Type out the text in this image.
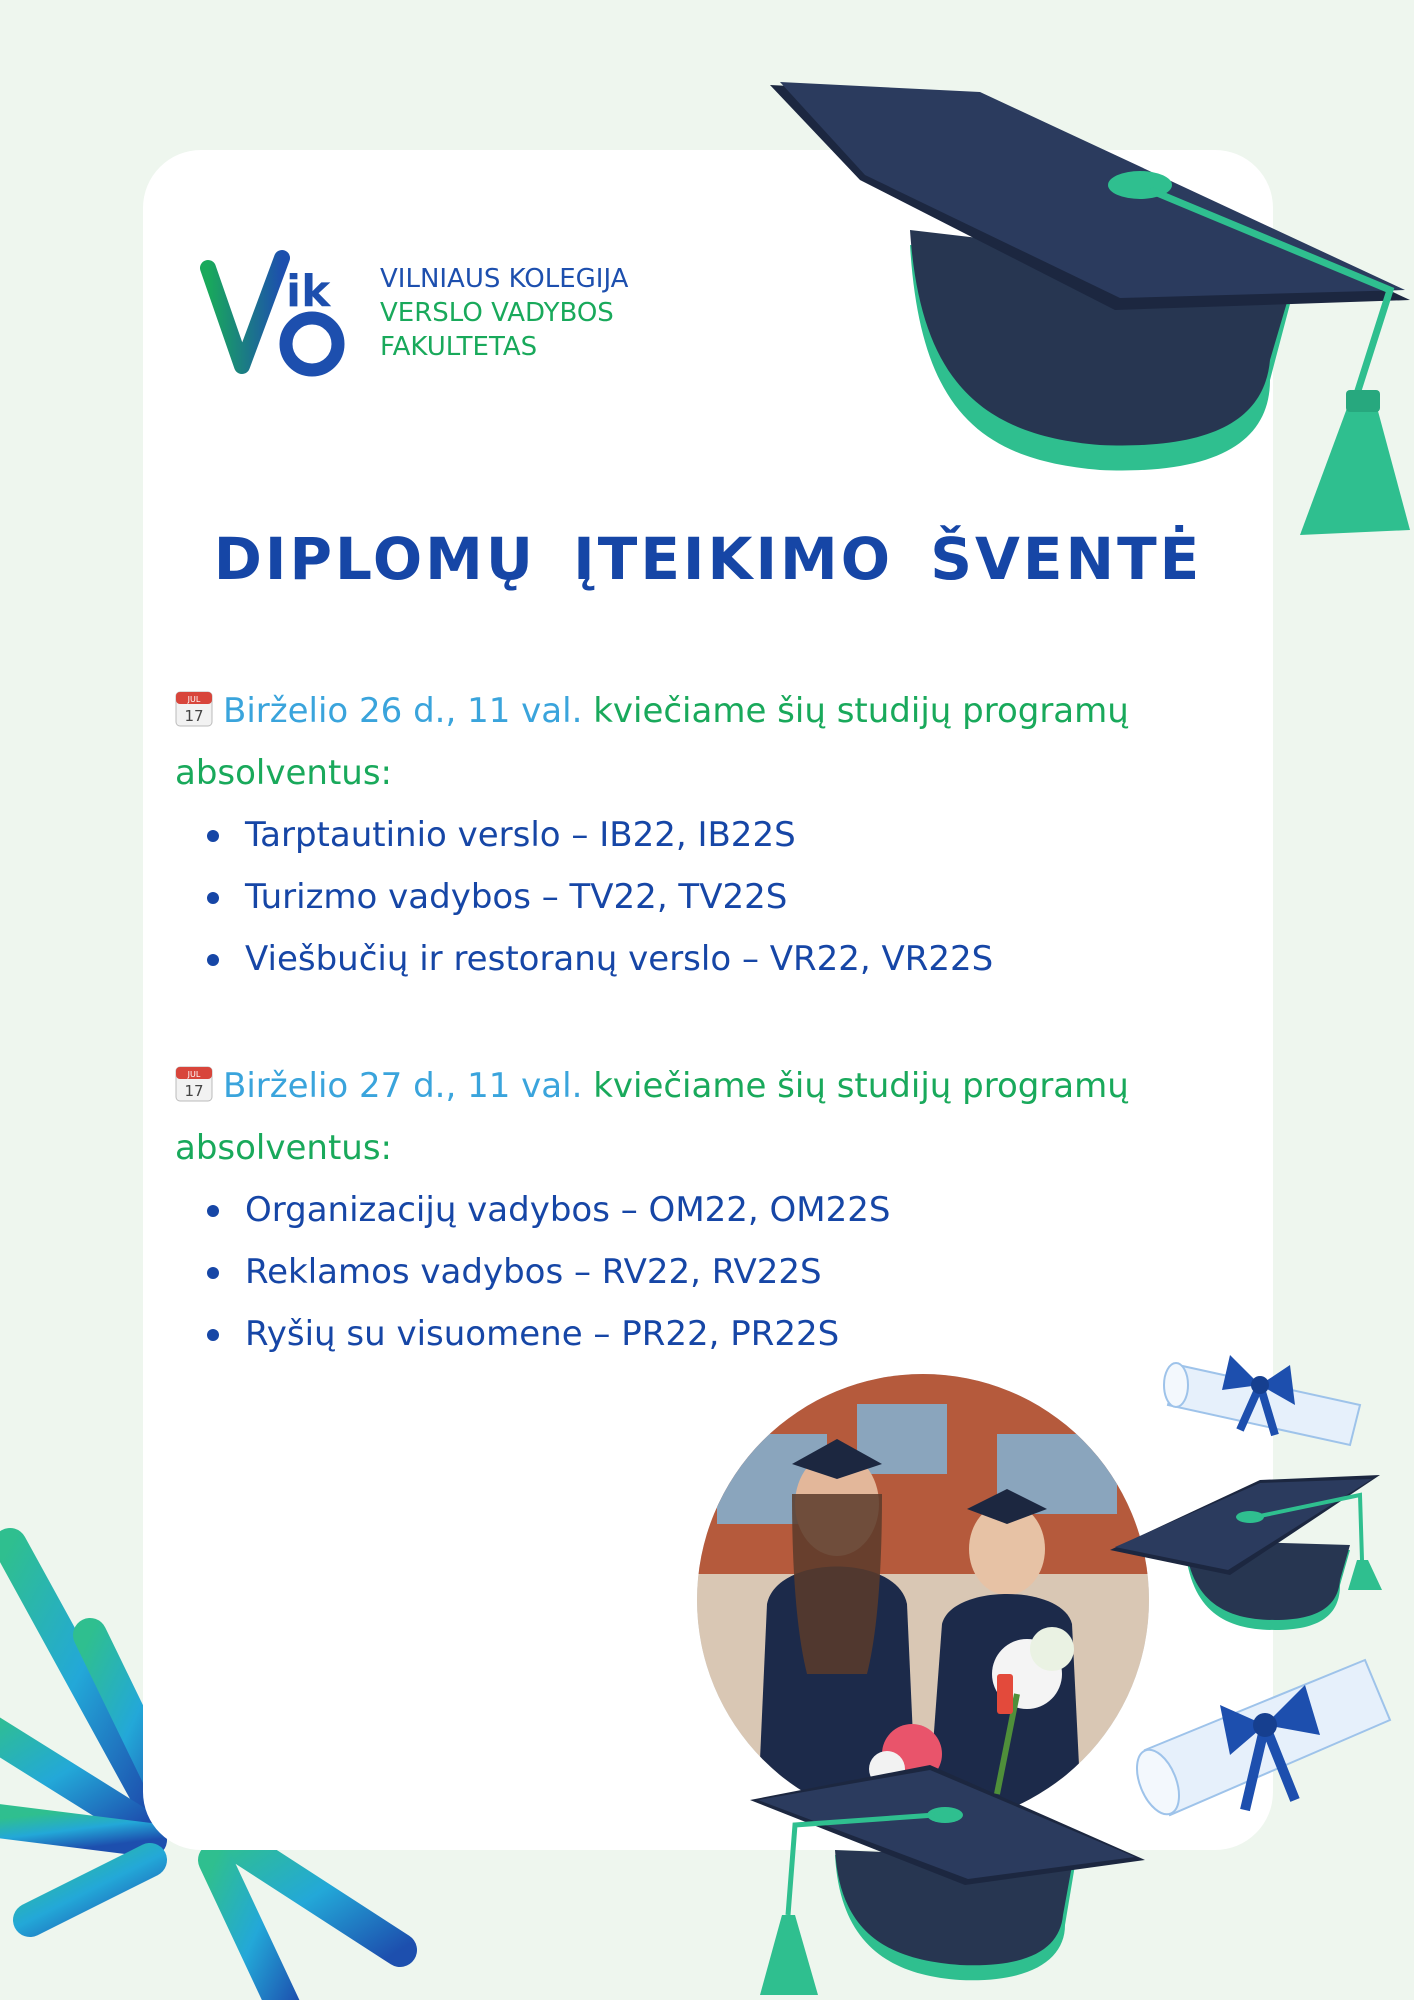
ik VILNIAUS KOLEGIJA
VERSLO VADYBOS
FAKULTETAS
DIPLOMŲ ĮTEIKIMO ŠVENTĖ

JUL
17 Birželio 26 d., 11 val. kviečiame šių studijų programų absolventus:

Tarptautinio verslo – IB22, IB22S
Turizmo vadybos – TV22, TV22S
Viešbučių ir restoranų verslo – VR22, VR22S

JUL
17 Birželio 27 d., 11 val. kviečiame šių studijų programų absolventus:

Organizacijų vadybos – OM22, OM22S
Reklamos vadybos – RV22, RV22S
Ryšių su visuomene – PR22, PR22S
